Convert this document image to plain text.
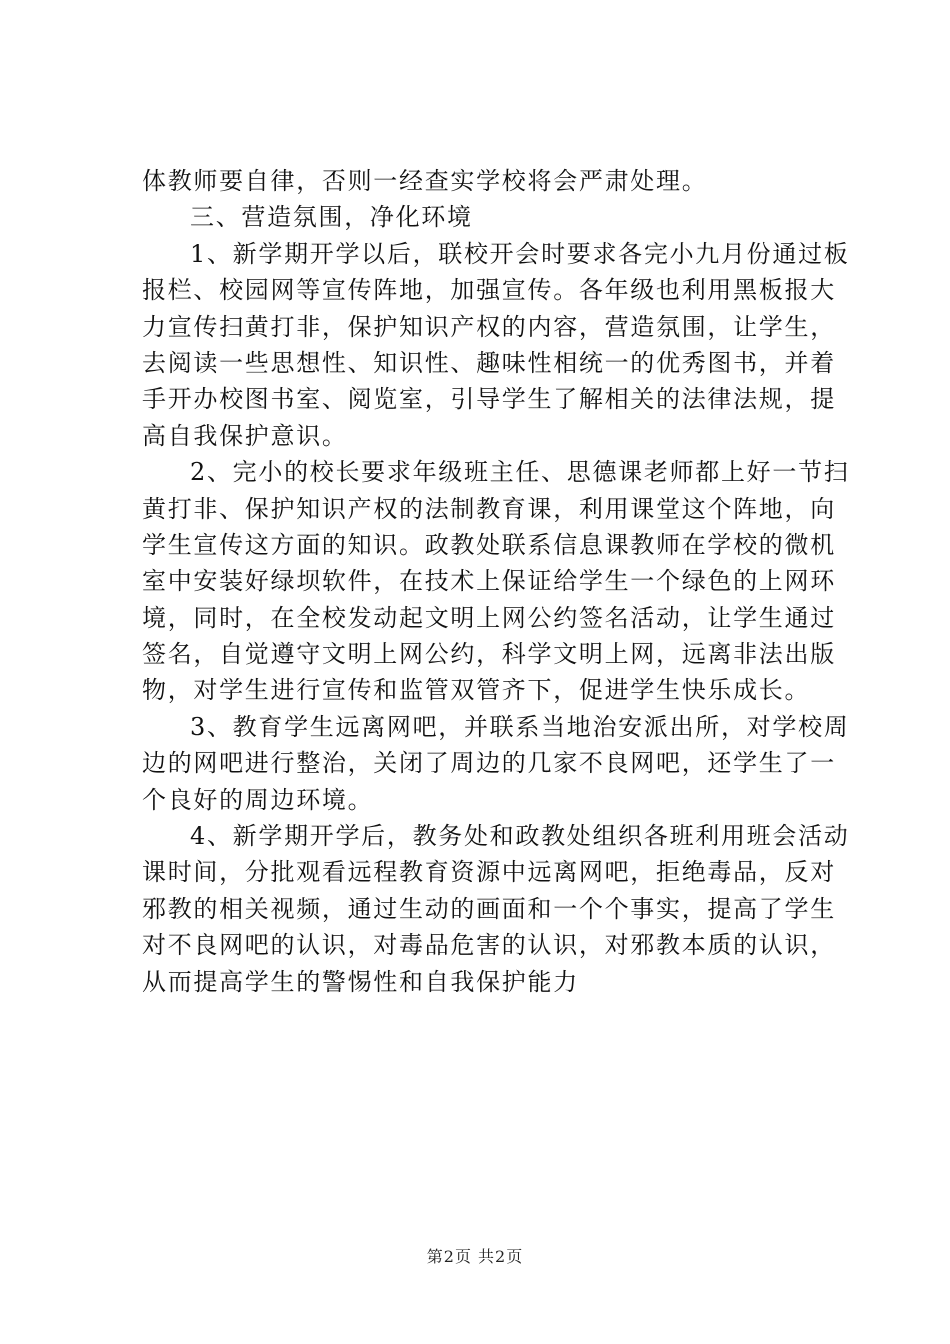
体教师要自律，否则一经查实学校将会严肃处理。
三、营造氛围，净化环境
1、新学期开学以后，联校开会时要求各完小九月份通过板
报栏、校园网等宣传阵地，加强宣传。各年级也利用黑板报大
力宣传扫黄打非，保护知识产权的内容，营造氛围，让学生，
去阅读一些思想性、知识性、趣味性相统一的优秀图书，并着
手开办校图书室、阅览室，引导学生了解相关的法律法规，提
高自我保护意识。
2、完小的校长要求年级班主任、思德课老师都上好一节扫
黄打非、保护知识产权的法制教育课，利用课堂这个阵地，向
学生宣传这方面的知识。政教处联系信息课教师在学校的微机
室中安装好绿坝软件，在技术上保证给学生一个绿色的上网环
境，同时，在全校发动起文明上网公约签名活动，让学生通过
签名，自觉遵守文明上网公约，科学文明上网，远离非法出版
物，对学生进行宣传和监管双管齐下，促进学生快乐成长。
3、教育学生远离网吧，并联系当地治安派出所，对学校周
边的网吧进行整治，关闭了周边的几家不良网吧，还学生了一
个良好的周边环境。
4、新学期开学后，教务处和政教处组织各班利用班会活动
课时间，分批观看远程教育资源中远离网吧，拒绝毒品，反对
邪教的相关视频，通过生动的画面和一个个事实，提高了学生
对不良网吧的认识，对毒品危害的认识，对邪教本质的认识，
从而提高学生的警惕性和自我保护能力
第2页 共2页
